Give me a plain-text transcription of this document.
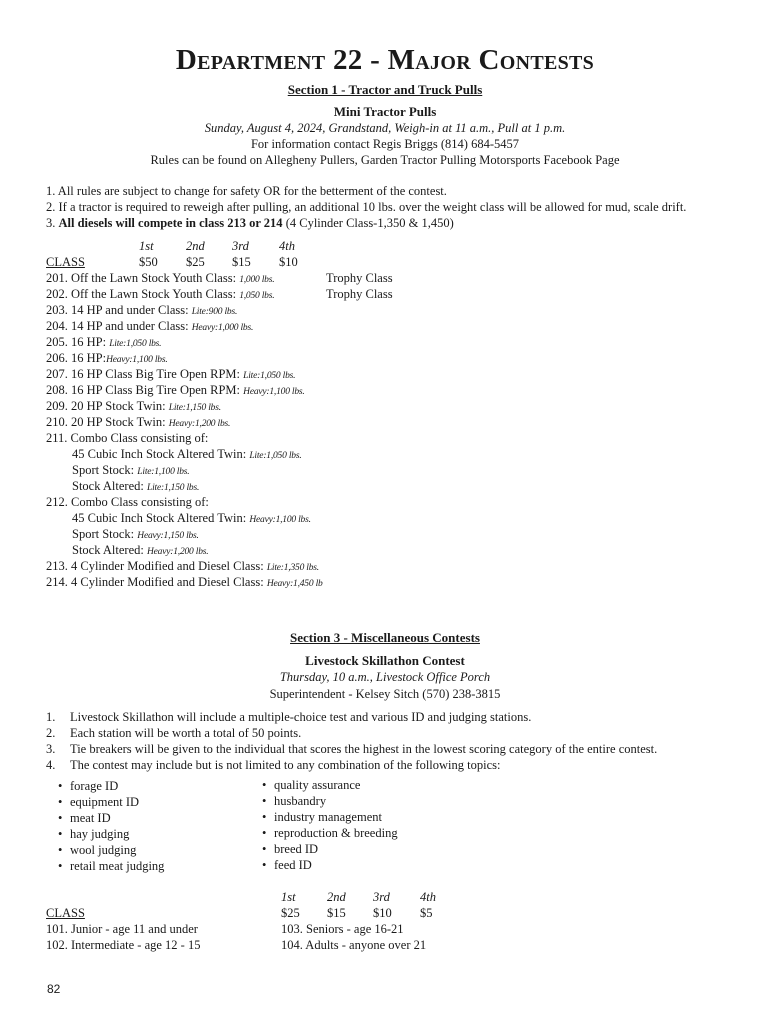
Department 22 - Major Contests
Section 1 - Tractor and Truck Pulls
Mini Tractor Pulls
Sunday, August 4, 2024, Grandstand, Weigh-in at 11 a.m., Pull at 1 p.m.
For information contact Regis Briggs (814) 684-5457
Rules can be found on Allegheny Pullers, Garden Tractor Pulling Motorsports Facebook Page
1. All rules are subject to change for safety OR for the betterment of the contest.
2. If a tractor is required to reweigh after pulling, an additional 10 lbs. over the weight class will be allowed for mud, scale drift.
3. All diesels will compete in class 213 or 214 (4 Cylinder Class-1,350 & 1,450)
1st	2nd 3rd 4th
CLASS	$50 $25 $15 $10
201. Off the Lawn Stock Youth Class: 1,000 lbs.	Trophy Class
202. Off the Lawn Stock Youth Class: 1,050 lbs.	Trophy Class
203. 14 HP and under Class: Lite:900 lbs.
204. 14 HP and under Class: Heavy:1,000 lbs.
205. 16 HP: Lite:1,050 lbs.
206. 16 HP:Heavy:1,100 lbs.
207. 16 HP Class Big Tire Open RPM: Lite:1,050 lbs.
208. 16 HP Class Big Tire Open RPM: Heavy:1,100 lbs.
209. 20 HP Stock Twin: Lite:1,150 lbs.
210. 20 HP Stock Twin: Heavy:1,200 lbs.
211. Combo Class consisting of:
45 Cubic Inch Stock Altered Twin: Lite:1,050 lbs.
Sport Stock: Lite:1,100 lbs.
Stock Altered: Lite:1,150 lbs.
212. Combo Class consisting of:
45 Cubic Inch Stock Altered Twin: Heavy:1,100 lbs.
Sport Stock: Heavy:1,150 lbs.
Stock Altered: Heavy:1,200 lbs.
213. 4 Cylinder Modified and Diesel Class: Lite:1,350 lbs.
214. 4 Cylinder Modified and Diesel Class: Heavy:1,450 lb
Section 3 - Miscellaneous Contests
Livestock Skillathon Contest
Thursday, 10 a.m., Livestock Office Porch
Superintendent - Kelsey Sitch (570) 238-3815
1. Livestock Skillathon will include a multiple-choice test and various ID and judging stations.
2. Each station will be worth a total of 50 points.
3. Tie breakers will be given to the individual that scores the highest in the lowest scoring category of the entire contest.
4. The contest may include but is not limited to any combination of the following topics:
• forage ID
• equipment ID
• meat ID
• hay judging
• wool judging
• retail meat judging
• quality assurance
• husbandry
• industry management
• reproduction & breeding
• breed ID
• feed ID
1st	2nd 3rd 4th
CLASS	$25 $15 $10 $5
101. Junior - age 11 and under
102. Intermediate - age 12 - 15
103. Seniors - age 16-21
104. Adults - anyone over 21
82
